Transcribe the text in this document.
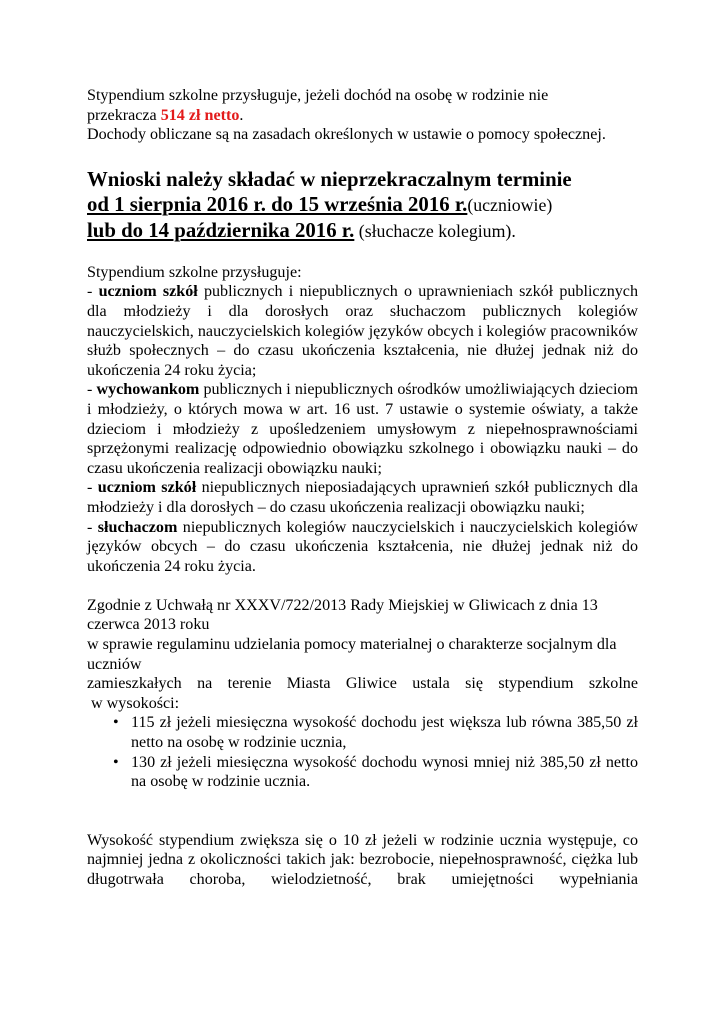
Stypendium szkolne przysługuje, jeżeli dochód na osobę w rodzinie nie

przekracza 514 zł netto.

Dochody obliczane są na zasadach określonych w ustawie o pomocy społecznej.

Wnioski należy składać w nieprzekraczalnym terminie
od 1 sierpnia 2016 r. do 15 września 2016 r.(uczniowie)
lub do 14 października 2016 r. (słuchacze kolegium).

Stypendium szkolne przysługuje:

- uczniom szkół publicznych i niepublicznych o uprawnieniach szkół publicznych dla młodzieży i dla dorosłych oraz słuchaczom publicznych kolegiów nauczycielskich, nauczycielskich kolegiów języków obcych i kolegiów pracowników służb społecznych – do czasu ukończenia kształcenia, nie dłużej jednak niż do ukończenia 24 roku życia;

- wychowankom publicznych i niepublicznych ośrodków umożliwiających dzieciom i młodzieży, o których mowa w art. 16 ust. 7 ustawie o systemie oświaty, a także dzieciom i młodzieży z upośledzeniem umysłowym z niepełnosprawnościami sprzężonymi realizację odpowiednio obowiązku szkolnego i obowiązku nauki – do czasu ukończenia realizacji obowiązku nauki;

- uczniom szkół niepublicznych nieposiadających uprawnień szkół publicznych dla młodzieży i dla dorosłych – do czasu ukończenia realizacji obowiązku nauki;

- słuchaczom niepublicznych kolegiów nauczycielskich i nauczycielskich kolegiów języków obcych – do czasu ukończenia kształcenia, nie dłużej jednak niż do ukończenia 24 roku życia.

Zgodnie z Uchwałą nr XXXV/722/2013 Rady Miejskiej w Gliwicach z dnia 13 czerwca 2013 roku

w sprawie regulaminu udzielania pomocy materialnej o charakterze socjalnym dla uczniów

zamieszkałych na terenie Miasta Gliwice ustala się stypendium szkolne

w wysokości:

• 115 zł jeżeli miesięczna wysokość dochodu jest większa lub równa 385,50 zł netto na osobę w rodzinie ucznia,
• 130 zł jeżeli miesięczna wysokość dochodu wynosi mniej niż 385,50 zł netto na osobę w rodzinie ucznia.

Wysokość stypendium zwiększa się o 10 zł jeżeli w rodzinie ucznia występuje, co najmniej jedna z okoliczności takich jak: bezrobocie, niepełnosprawność, ciężka lub długotrwała choroba, wielodzietność, brak umiejętności wypełniania
